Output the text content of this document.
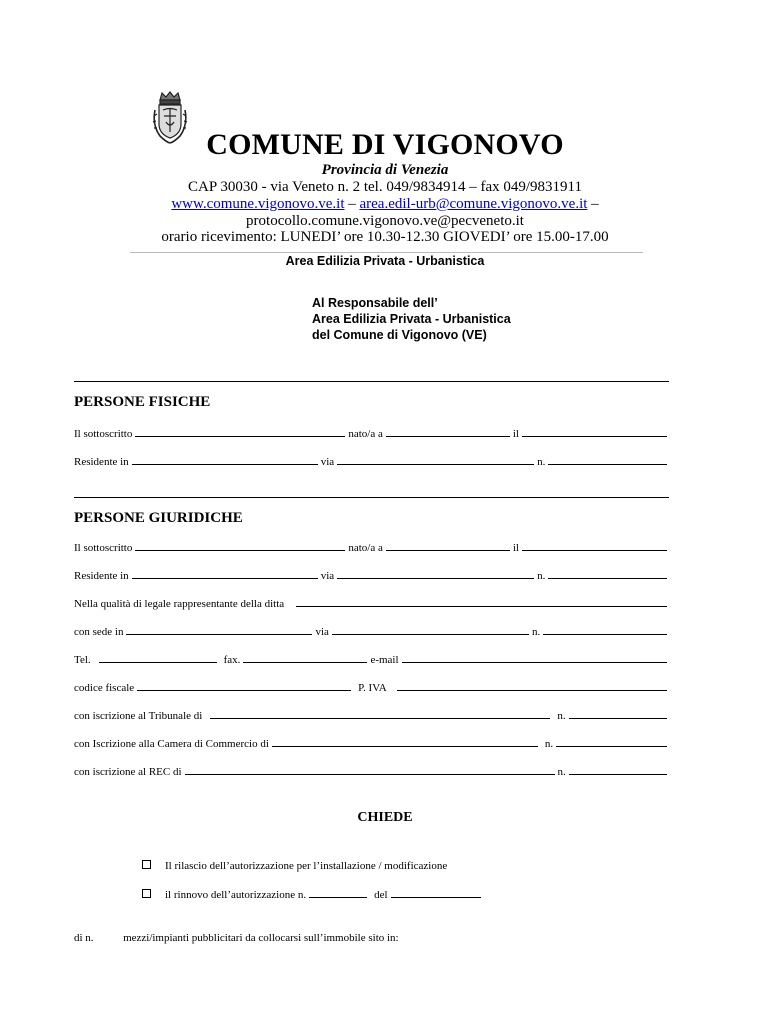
COMUNE DI VIGONOVO
Provincia di Venezia
CAP 30030 - via Veneto n. 2 tel. 049/9834914 – fax 049/9831911
www.comune.vigonovo.ve.it – area.edil-urb@comune.vigonovo.ve.it –
protocollo.comune.vigonovo.ve@pecveneto.it
orario ricevimento: LUNEDI’ ore 10.30-12.30 GIOVEDI’ ore 15.00-17.00
Area Edilizia Privata - Urbanistica
Al Responsabile dell’
Area Edilizia Privata - Urbanistica
del Comune di Vigonovo (VE)
PERSONE FISICHE
Il sottoscritto	nato/a a	il
Residente in	via	n.
PERSONE GIURIDICHE
Il sottoscritto	nato/a a	il
Residente in	via	n.
Nella qualità di legale rappresentante della ditta
con sede in	via	n.
Tel.	fax.	e-mail
codice fiscale	P. IVA
con iscrizione al Tribunale di	n.
con Iscrizione alla Camera di Commercio di	n.
con iscrizione al REC di	n.
CHIEDE
Il rilascio dell’autorizzazione per l’installazione / modificazione
il rinnovo dell’autorizzazione n.	del
di n.	mezzi/impianti pubblicitari da collocarsi sull’immobile sito in:
